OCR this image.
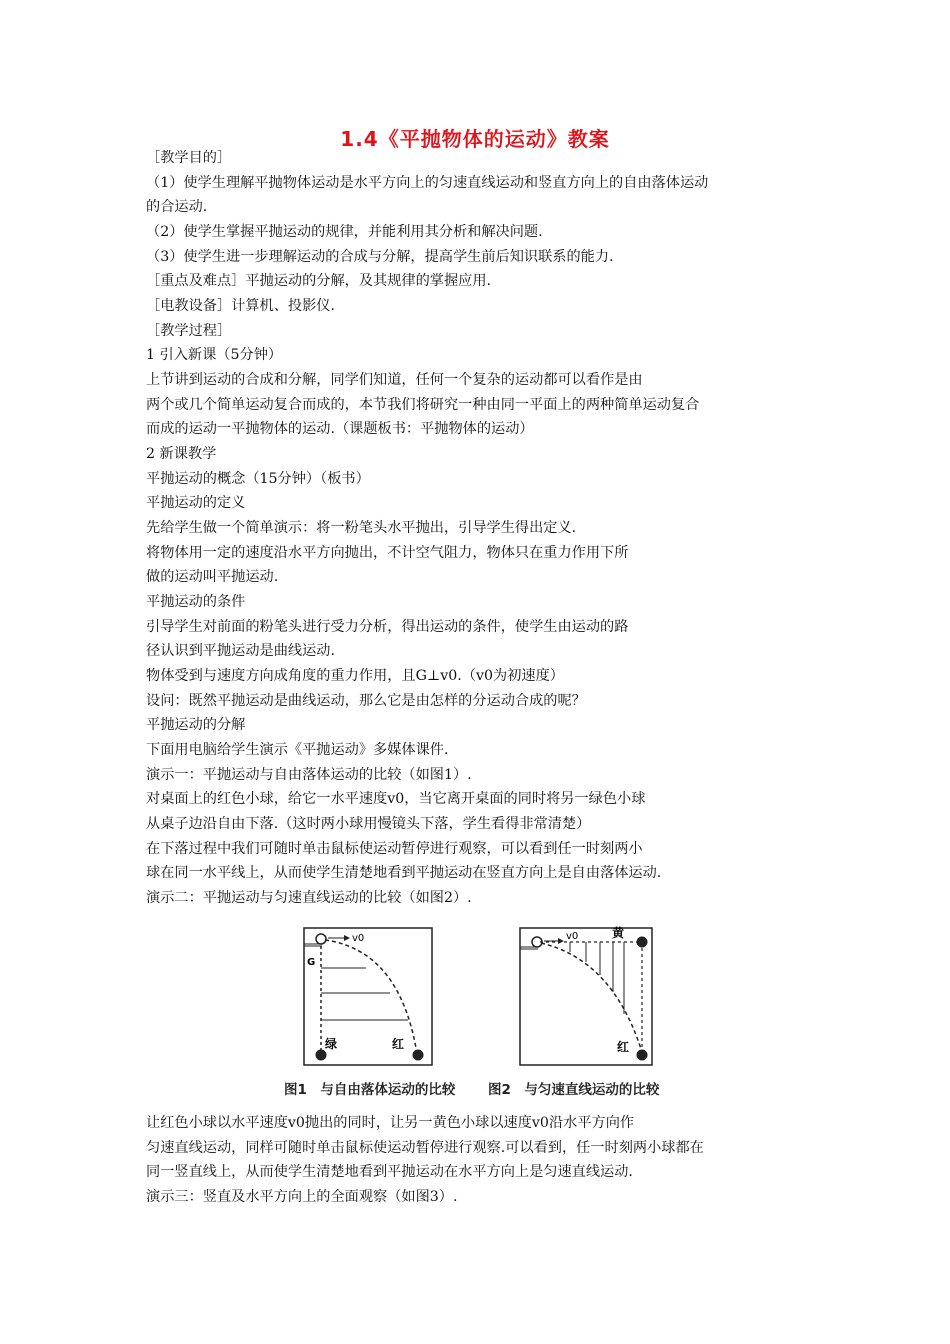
1.4《平抛物体的运动》教案
［教学目的］
（1）使学生理解平抛物体运动是水平方向上的匀速直线运动和竖直方向上的自由落体运动
的合运动.
（2）使学生掌握平抛运动的规律，并能利用其分析和解决问题.
（3）使学生进一步理解运动的合成与分解，提高学生前后知识联系的能力.
［重点及难点］平抛运动的分解，及其规律的掌握应用.
［电教设备］计算机、投影仪.
［教学过程］
1 引入新课（5分钟）
上节讲到运动的合成和分解，同学们知道，任何一个复杂的运动都可以看作是由
两个或几个简单运动复合而成的，本节我们将研究一种由同一平面上的两种简单运动复合
而成的运动一平抛物体的运动.（课题板书：平抛物体的运动）
2 新课教学
平抛运动的概念（15分钟）（板书）
平抛运动的定义
先给学生做一个简单演示：将一粉笔头水平抛出，引导学生得出定义.
将物体用一定的速度沿水平方向抛出，不计空气阻力，物体只在重力作用下所
做的运动叫平抛运动.
平抛运动的条件
引导学生对前面的粉笔头进行受力分析，得出运动的条件，使学生由运动的路
径认识到平抛运动是曲线运动.
物体受到与速度方向成角度的重力作用，且G⊥v0.（v0为初速度）
设问：既然平抛运动是曲线运动，那么它是由怎样的分运动合成的呢？
平抛运动的分解
下面用电脑给学生演示《平抛运动》多媒体课件.
演示一：平抛运动与自由落体运动的比较（如图1）.
对桌面上的红色小球，给它一水平速度v0，当它离开桌面的同时将另一绿色小球
从桌子边沿自由下落.（这时两小球用慢镜头下落，学生看得非常清楚）
在下落过程中我们可随时单击鼠标使运动暂停进行观察，可以看到任一时刻两小
球在同一水平线上，从而使学生清楚地看到平抛运动在竖直方向上是自由落体运动.
演示二：平抛运动与匀速直线运动的比较（如图2）.
让红色小球以水平速度v0抛出的同时，让另一黄色小球以速度v0沿水平方向作
匀速直线运动，同样可随时单击鼠标使运动暂停进行观察.可以看到，任一时刻两小球都在
同一竖直线上，从而使学生清楚地看到平抛运动在水平方向上是匀速直线运动.
演示三：竖直及水平方向上的全面观察（如图3）.
v0
G
绿	红
v0	黄
红
图1　与自由落体运动的比较 图2　与匀速直线运动的比较
